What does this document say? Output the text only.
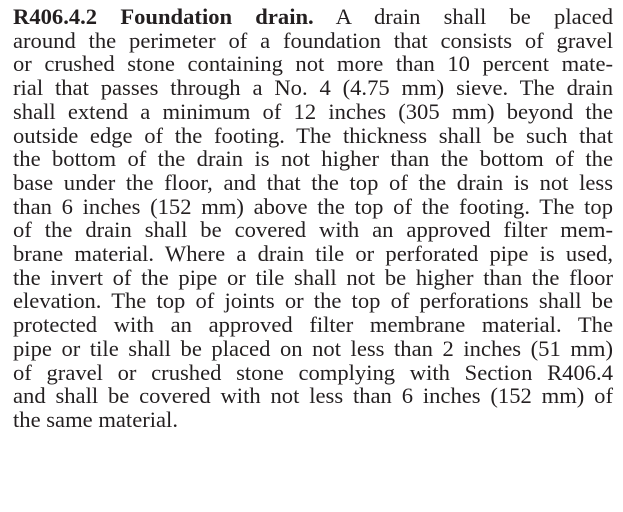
R406.4.2 Foundation drain. A drain shall be placed
around the perimeter of a foundation that consists of gravel
or crushed stone containing not more than 10 percent mate-
rial that passes through a No. 4 (4.75 mm) sieve. The drain
shall extend a minimum of 12 inches (305 mm) beyond the
outside edge of the footing. The thickness shall be such that
the bottom of the drain is not higher than the bottom of the
base under the floor, and that the top of the drain is not less
than 6 inches (152 mm) above the top of the footing. The top
of the drain shall be covered with an approved filter mem-
brane material. Where a drain tile or perforated pipe is used,
the invert of the pipe or tile shall not be higher than the floor
elevation. The top of joints or the top of perforations shall be
protected with an approved filter membrane material. The
pipe or tile shall be placed on not less than 2 inches (51 mm)
of gravel or crushed stone complying with Section R406.4
and shall be covered with not less than 6 inches (152 mm) of
the same material.
